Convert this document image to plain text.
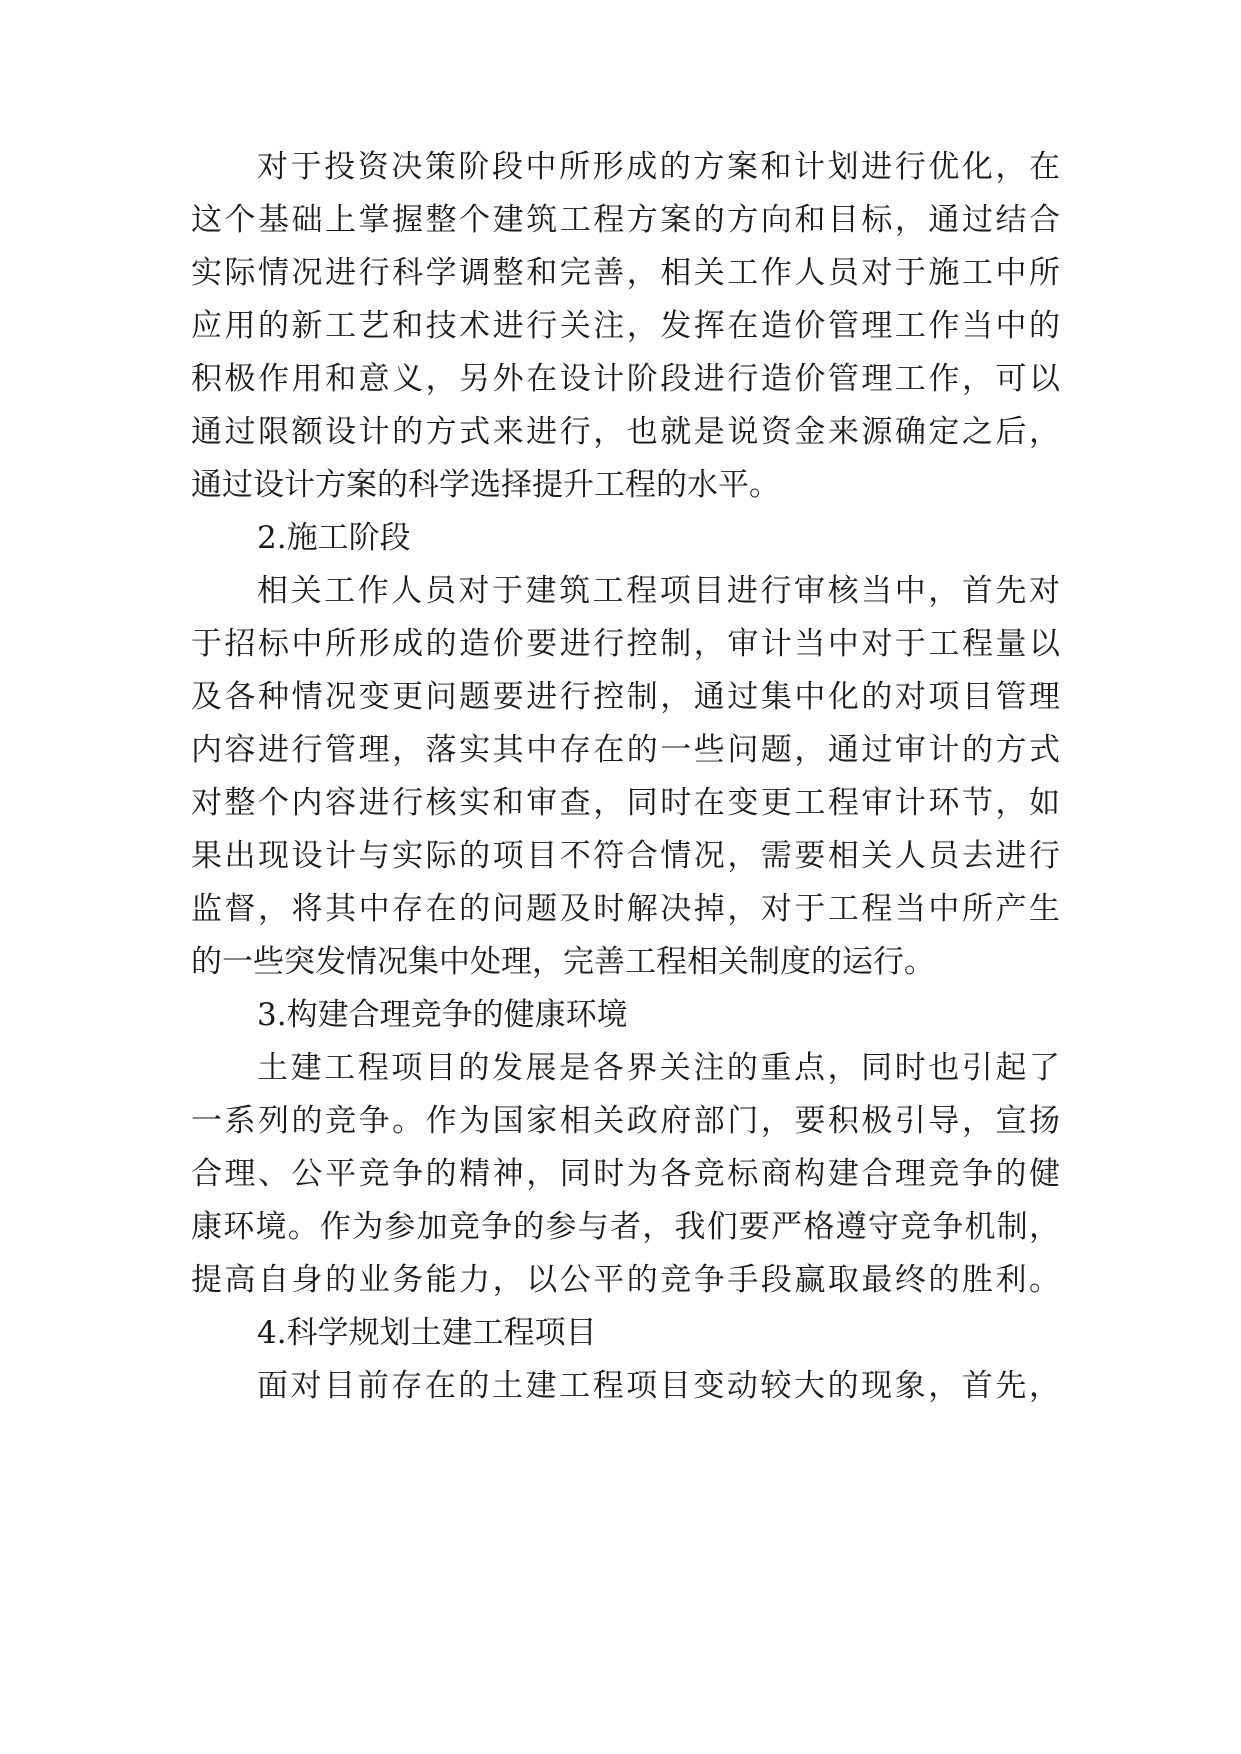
对于投资决策阶段中所形成的方案和计划进行优化，在
这个基础上掌握整个建筑工程方案的方向和目标，通过结合
实际情况进行科学调整和完善，相关工作人员对于施工中所
应用的新工艺和技术进行关注，发挥在造价管理工作当中的
积极作用和意义，另外在设计阶段进行造价管理工作，可以
通过限额设计的方式来进行，也就是说资金来源确定之后，
通过设计方案的科学选择提升工程的水平。
2.施工阶段
相关工作人员对于建筑工程项目进行审核当中，首先对
于招标中所形成的造价要进行控制，审计当中对于工程量以
及各种情况变更问题要进行控制，通过集中化的对项目管理
内容进行管理，落实其中存在的一些问题，通过审计的方式
对整个内容进行核实和审查，同时在变更工程审计环节，如
果出现设计与实际的项目不符合情况，需要相关人员去进行
监督，将其中存在的问题及时解决掉，对于工程当中所产生
的一些突发情况集中处理，完善工程相关制度的运行。
3.构建合理竞争的健康环境
土建工程项目的发展是各界关注的重点，同时也引起了
一系列的竞争。作为国家相关政府部门，要积极引导，宣扬
合理、公平竞争的精神，同时为各竞标商构建合理竞争的健
康环境。作为参加竞争的参与者，我们要严格遵守竞争机制，
提高自身的业务能力，以公平的竞争手段赢取最终的胜利。
4.科学规划土建工程项目
面对目前存在的土建工程项目变动较大的现象，首先，
